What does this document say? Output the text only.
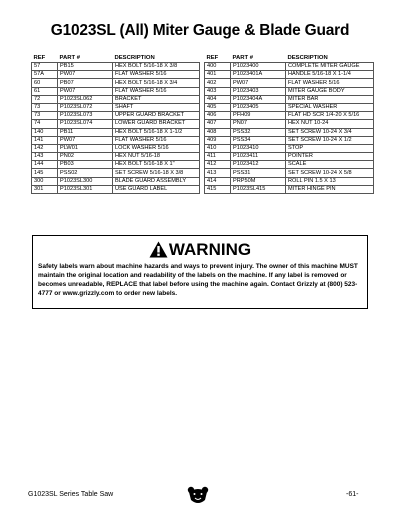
G1023SL (All) Miter Gauge & Blade Guard
REF	PART #	DESCRIPTION
57	PB15	HEX BOLT 5/16-18 X 3/8
57A	PW07	FLAT WASHER 5/16
60	PB07	HEX BOLT 5/16-18 X 3/4
61	PW07	FLAT WASHER 5/16
72	P1023SL062	BRACKET
73	P1023SL072	SHAFT
73	P1023SL073	UPPER GUARD BRACKET
74	P1023SL074	LOWER GUARD BRACKET
140	PB11	HEX BOLT 5/16-18 X 1-1/2
141	PW07	FLAT WASHER 5/16
142	PLW01	LOCK WASHER 5/16
143	PN02	HEX NUT 5/16-18
144	PB03	HEX BOLT 5/16-18 X 1"
145	PSS02	SET SCREW 5/16-18 X 3/8
300	P1023SL300	BLADE GUARD ASSEMBLY
301	P1023SL301	USE GUARD LABEL
REF	PART #	DESCRIPTION
400	P1023400	COMPLETE MITER GAUGE
401	P1023401A	HANDLE 5/16-18 X 1-1/4
402	PW07	FLAT WASHER 5/16
403	P1023403	MITER GAUGE BODY
404	P1023404A	MITER BAR
405	P1023405	SPECIAL WASHER
406	PFH09	FLAT HD SCR 1/4-20 X 5/16
407	PN07	HEX NUT 10-24
408	PSS32	SET SCREW 10-24 X 3/4
409	PSS34	SET SCREW 10-24 X 1/2
410	P1023410	STOP
411	P1023411	POINTER
412	P1023412	SCALE
413	PSS31	SET SCREW 10-24 X 5/8
414	PRP50M	ROLL PIN 1.5 X 13
415	P1023SL415	MITER HINGE PIN
WARNING
Safety labels warn about machine hazards and ways to prevent injury. The owner of this machine MUST maintain the original location and readability of the labels on the machine. If any label is removed or becomes unreadable, REPLACE that label before using the machine again. Contact Grizzly at (800) 523-4777 or www.grizzly.com to order new labels.
G1023SL Series Table Saw	-61-
